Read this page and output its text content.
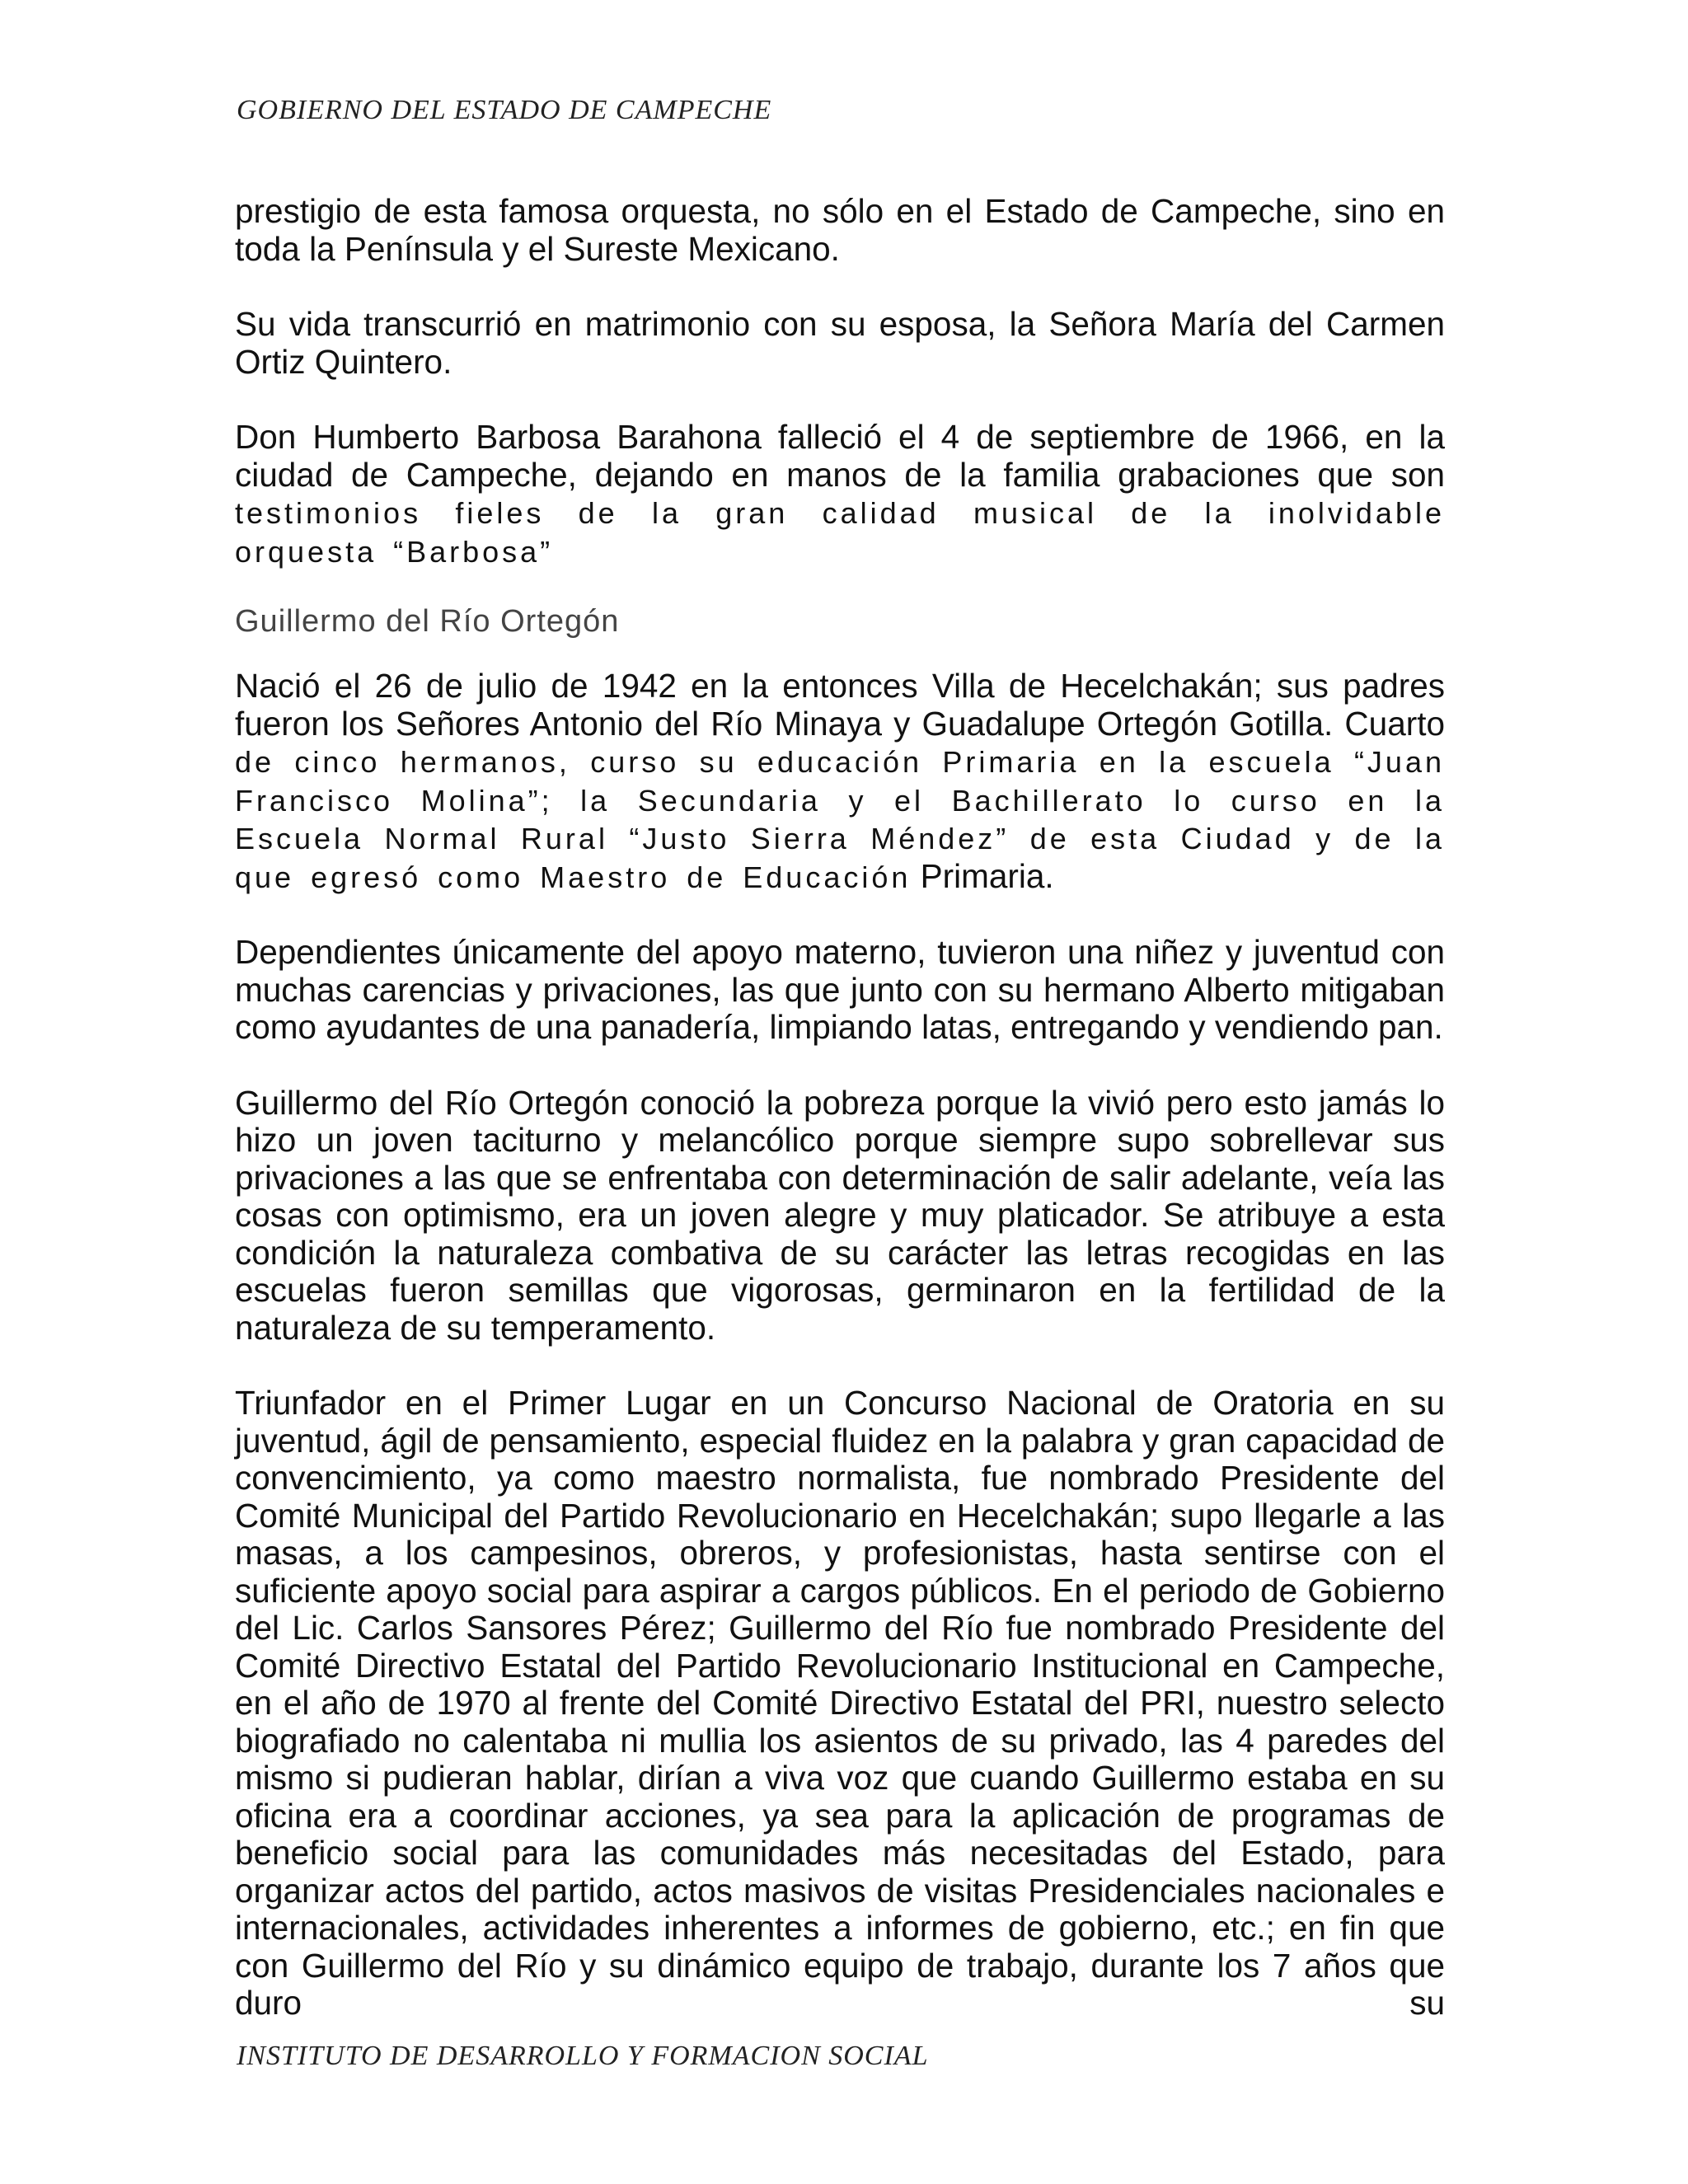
GOBIERNO DEL ESTADO DE CAMPECHE

prestigio de esta famosa orquesta, no sólo en el Estado de Campeche, sino en toda la Península y el Sureste Mexicano.

Su vida transcurrió en matrimonio con su esposa, la Señora María del Carmen Ortiz Quintero.

Don Humberto Barbosa Barahona falleció el 4 de septiembre de 1966, en la ciudad de Campeche, dejando en manos de la familia grabaciones que son testimonios fieles de la gran calidad musical de la inolvidable orquesta “Barbosa”

Guillermo del Río Ortegón

Nació el 26 de julio de 1942 en la entonces Villa de Hecelchakán; sus padres fueron los Señores Antonio del Río Minaya y Guadalupe Ortegón Gotilla. Cuarto de cinco hermanos, curso su educación Primaria en la escuela “Juan Francisco Molina”; la Secundaria y el Bachillerato lo curso en la Escuela Normal Rural “Justo Sierra Méndez” de esta Ciudad y de la que egresó como Maestro de Educación Primaria.

Dependientes únicamente del apoyo materno, tuvieron una niñez y juventud con muchas carencias y privaciones, las que junto con su hermano Alberto mitigaban como ayudantes de una panadería, limpiando latas, entregando y vendiendo pan.

Guillermo del Río Ortegón conoció la pobreza porque la vivió pero esto jamás lo hizo un joven taciturno y melancólico porque siempre supo sobrellevar sus privaciones a las que se enfrentaba con determinación de salir adelante, veía las cosas con optimismo, era un joven alegre y muy platicador. Se atribuye a esta condición la naturaleza combativa de su carácter las letras recogidas en las escuelas fueron semillas que vigorosas, germinaron en la fertilidad de la naturaleza de su temperamento.

Triunfador en el Primer Lugar en un Concurso Nacional de Oratoria en su juventud, ágil de pensamiento, especial fluidez en la palabra y gran capacidad de convencimiento, ya como maestro normalista, fue nombrado Presidente del Comité Municipal del Partido Revolucionario en Hecelchakán; supo llegarle a las masas, a los campesinos, obreros, y profesionistas, hasta sentirse con el suficiente apoyo social para aspirar a cargos públicos. En el periodo de Gobierno del Lic. Carlos Sansores Pérez; Guillermo del Río fue nombrado Presidente del Comité Directivo Estatal del Partido Revolucionario Institucional en Campeche, en el año de 1970 al frente del Comité Directivo Estatal del PRI, nuestro selecto biografiado no calentaba ni mullia los asientos de su privado, las 4 paredes del mismo si pudieran hablar, dirían a viva voz que cuando Guillermo estaba en su oficina era a coordinar acciones, ya sea para la aplicación de programas de beneficio social para las comunidades más necesitadas del Estado, para organizar actos del partido, actos masivos de visitas Presidenciales nacionales e internacionales, actividades inherentes a informes de gobierno, etc.; en fin que con Guillermo del Río y su dinámico equipo de trabajo, durante los 7 años que duro su

INSTITUTO DE DESARROLLO Y FORMACION SOCIAL
